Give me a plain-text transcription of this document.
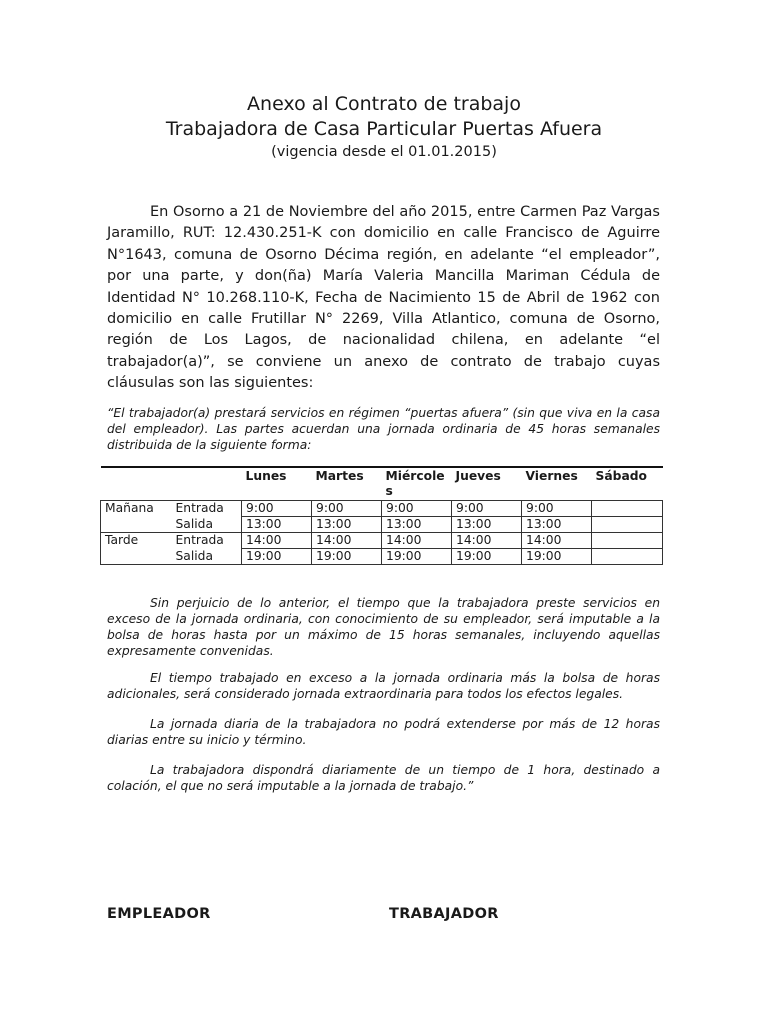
Anexo al Contrato de trabajo
Trabajadora de Casa Particular Puertas Afuera
(vigencia desde el 01.01.2015)

En Osorno a 21 de Noviembre del año 2015, entre Carmen Paz Vargas Jaramillo, RUT: 12.430.251-K con domicilio en calle Francisco de Aguirre N°1643, comuna de Osorno Décima región, en adelante “el empleador”, por una parte, y don(ña) María Valeria Mancilla Mariman Cédula de Identidad N° 10.268.110-K, Fecha de Nacimiento 15 de Abril de 1962 con domicilio en calle Frutillar N° 2269, Villa Atlantico, comuna de Osorno, región de Los Lagos, de nacionalidad chilena, en adelante “el trabajador(a)”, se conviene un anexo de contrato de trabajo cuyas cláusulas son las siguientes:

“El trabajador(a) prestará servicios en régimen “puertas afuera” (sin que viva en la casa del empleador). Las partes acuerdan una jornada ordinaria de 45 horas semanales distribuida de la siguiente forma:

		Lunes	Martes	Miércoles	Jueves	Viernes	Sábado
Mañana	Entrada	9:00	9:00	9:00	9:00	9:00	
	Salida	13:00	13:00	13:00	13:00	13:00	
Tarde	Entrada	14:00	14:00	14:00	14:00	14:00	
	Salida	19:00	19:00	19:00	19:00	19:00	

Sin perjuicio de lo anterior, el tiempo que la trabajadora preste servicios en exceso de la jornada ordinaria, con conocimiento de su empleador, será imputable a la bolsa de horas hasta por un máximo de 15 horas semanales, incluyendo aquellas expresamente convenidas.

El tiempo trabajado en exceso a la jornada ordinaria más la bolsa de horas adicionales, será considerado jornada extraordinaria para todos los efectos legales.

La jornada diaria de la trabajadora no podrá extenderse por más de 12 horas diarias entre su inicio y término.

La trabajadora dispondrá diariamente de un tiempo de 1 hora, destinado a colación, el que no será imputable a la jornada de trabajo.”

EMPLEADOR	TRABAJADOR
